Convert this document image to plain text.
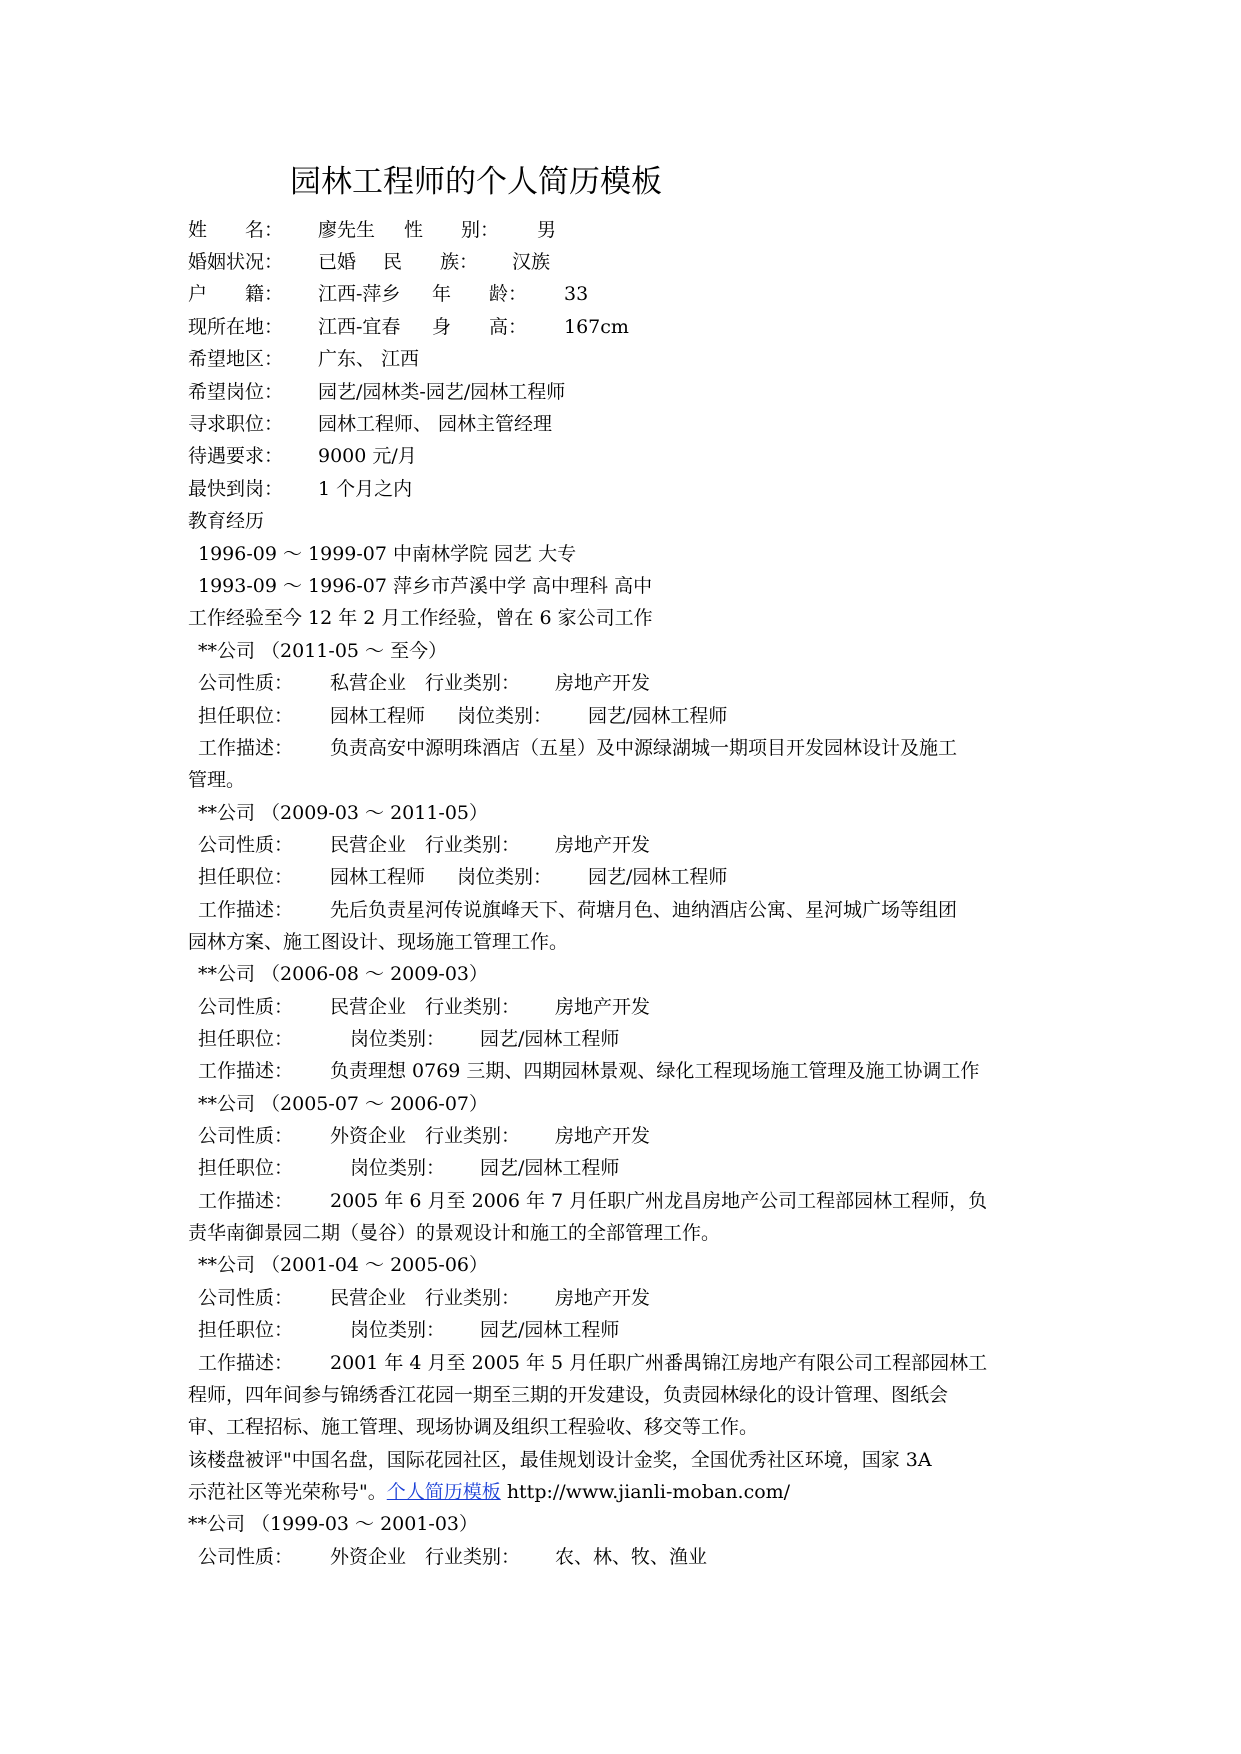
园林工程师的个人简历模板
姓　　名： 廖先生 性　　别： 男
婚姻状况： 已婚 民　　族： 汉族
户　　籍： 江西-萍乡 年　　龄： 33
现所在地： 江西-宜春 身　　高： 167cm
希望地区： 广东、 江西
希望岗位： 园艺/园林类-园艺/园林工程师
寻求职位： 园林工程师、 园林主管经理
待遇要求： 9000 元/月
最快到岗： 1 个月之内
教育经历
1996-09 ～ 1999-07 中南林学院 园艺 大专
1993-09 ～ 1996-07 萍乡市芦溪中学 高中理科 高中
工作经验至今 12 年 2 月工作经验，曾在 6 家公司工作
**公司 （2011-05 ～ 至今）
公司性质： 私营企业 行业类别： 房地产开发
担任职位： 园林工程师 岗位类别： 园艺/园林工程师
工作描述： 负责高安中源明珠酒店（五星）及中源绿湖城一期项目开发园林设计及施工
管理。
**公司 （2009-03 ～ 2011-05）
公司性质： 民营企业 行业类别： 房地产开发
担任职位： 园林工程师 岗位类别： 园艺/园林工程师
工作描述： 先后负责星河传说旗峰天下、荷塘月色、迪纳酒店公寓、星河城广场等组团
园林方案、施工图设计、现场施工管理工作。
**公司 （2006-08 ～ 2009-03）
公司性质： 民营企业 行业类别： 房地产开发
担任职位：	岗位类别： 园艺/园林工程师
工作描述： 负责理想 0769 三期、四期园林景观、绿化工程现场施工管理及施工协调工作
**公司 （2005-07 ～ 2006-07）
公司性质： 外资企业 行业类别： 房地产开发
担任职位：	岗位类别： 园艺/园林工程师
工作描述： 2005 年 6 月至 2006 年 7 月任职广州龙昌房地产公司工程部园林工程师，负
责华南御景园二期（曼谷）的景观设计和施工的全部管理工作。
**公司 （2001-04 ～ 2005-06）
公司性质： 民营企业 行业类别： 房地产开发
担任职位：	岗位类别： 园艺/园林工程师
工作描述： 2001 年 4 月至 2005 年 5 月任职广州番禺锦江房地产有限公司工程部园林工
程师，四年间参与锦绣香江花园一期至三期的开发建设，负责园林绿化的设计管理、图纸会
审、工程招标、施工管理、现场协调及组织工程验收、移交等工作。
该楼盘被评"中国名盘，国际花园社区，最佳规划设计金奖，全国优秀社区环境，国家 3A
示范社区等光荣称号"。个人简历模板 http://www.jianli-moban.com/
**公司 （1999-03 ～ 2001-03）
公司性质： 外资企业 行业类别： 农、林、牧、渔业
